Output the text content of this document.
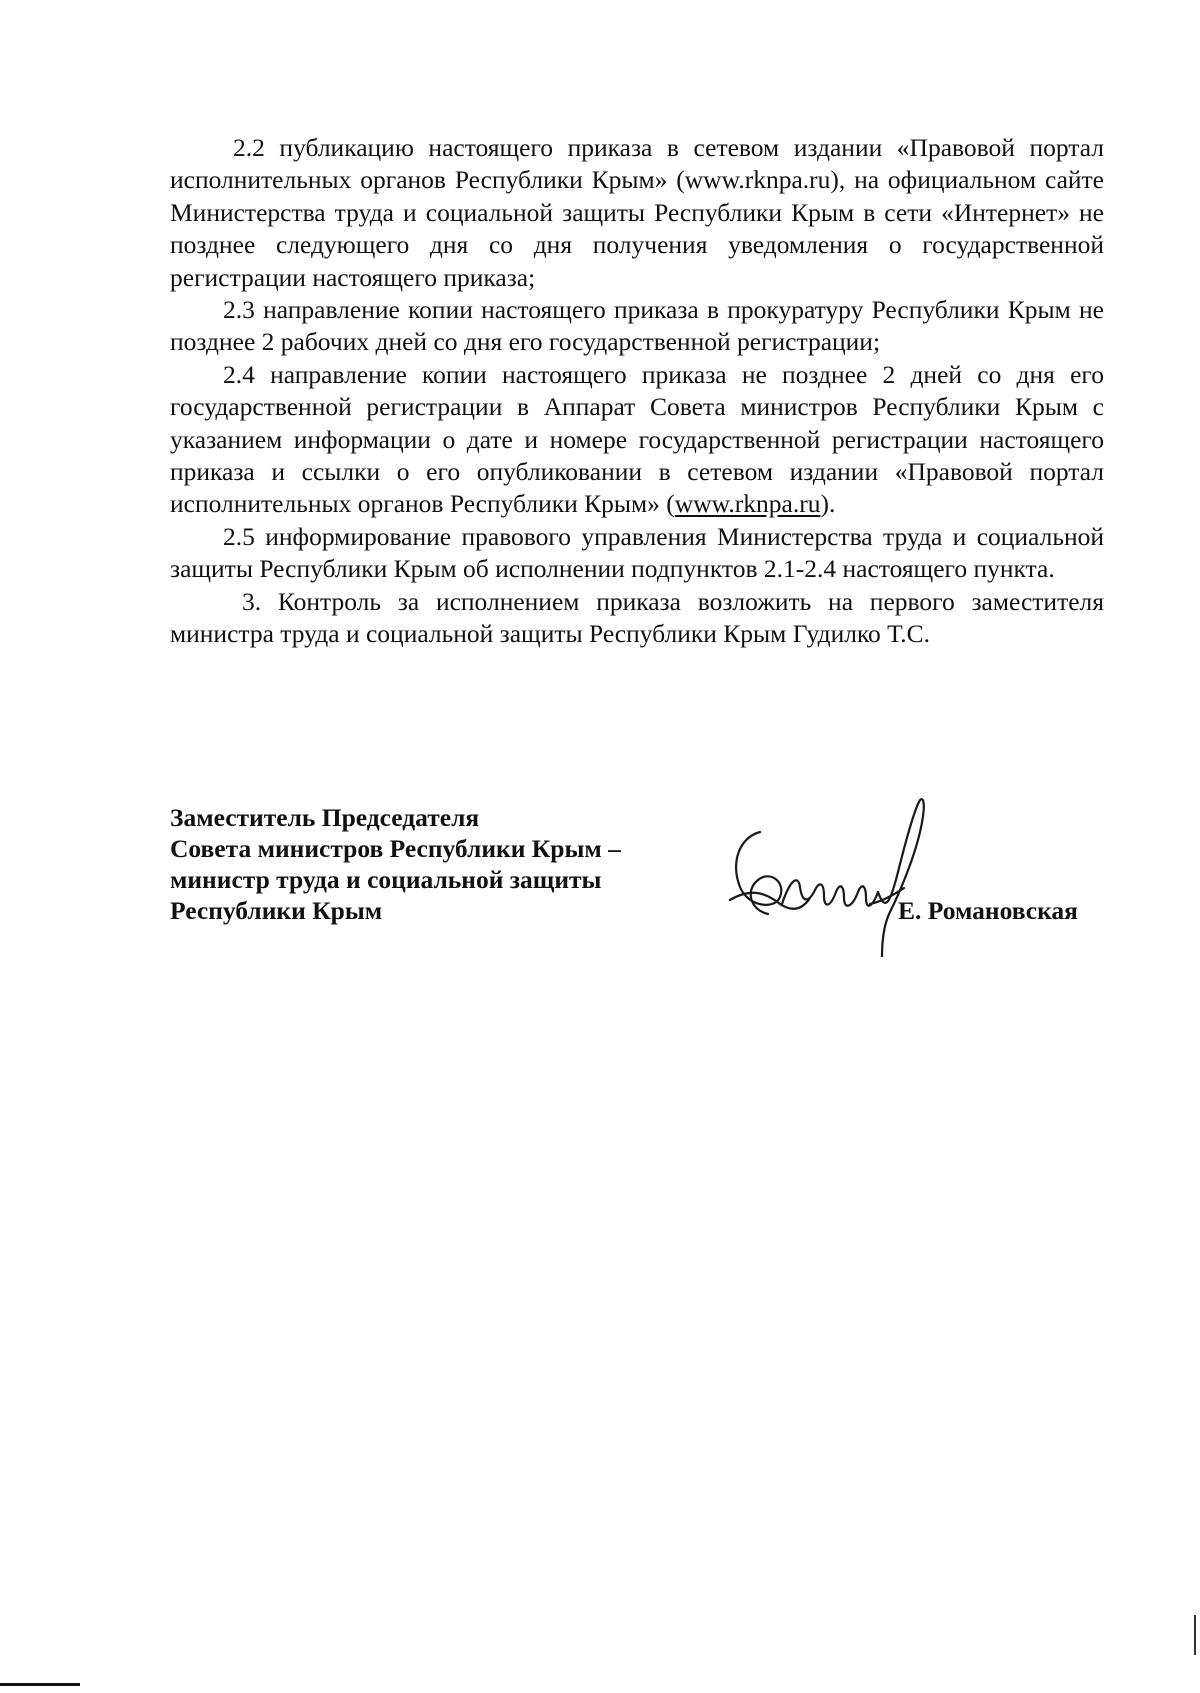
2.2 публикацию настоящего приказа в сетевом издании «Правовой портал исполнительных органов Республики Крым» (www.rknpa.ru), на официальном сайте Министерства труда и социальной защиты Республики Крым в сети «Интернет» не позднее следующего дня со дня получения уведомления о государственной регистрации настоящего приказа;

2.3 направление копии настоящего приказа в прокуратуру Республики Крым не позднее 2 рабочих дней со дня его государственной регистрации;

2.4 направление копии настоящего приказа не позднее 2 дней со дня его государственной регистрации в Аппарат Совета министров Республики Крым с указанием информации о дате и номере государственной регистрации настоящего приказа и ссылки о его опубликовании в сетевом издании «Правовой портал исполнительных органов Республики Крым» (www.rknpa.ru).

2.5 информирование правового управления Министерства труда и социальной защиты Республики Крым об исполнении подпунктов 2.1-2.4 настоящего пункта.

3. Контроль за исполнением приказа возложить на первого заместителя министра труда и социальной защиты Республики Крым Гудилко Т.С.

Заместитель Председателя
Совета министров Республики Крым –
министр труда и социальной защиты
Республики Крым	Е. Романовская
